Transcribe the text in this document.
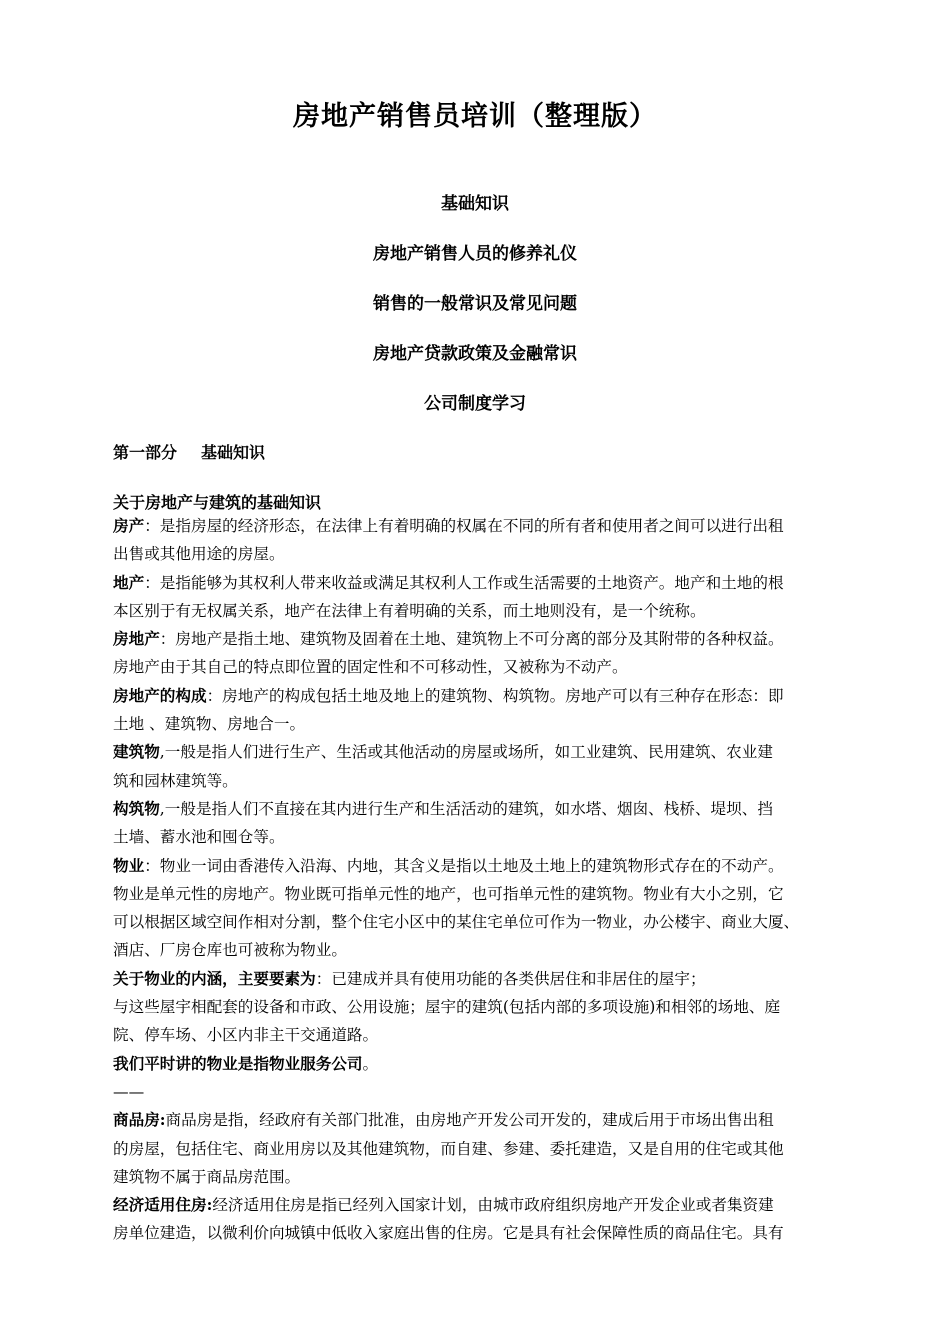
房地产销售员培训（整理版）
基础知识
房地产销售人员的修养礼仪
销售的一般常识及常见问题
房地产贷款政策及金融常识
公司制度学习
第一部分 基础知识
关于房地产与建筑的基础知识

房产：是指房屋的经济形态，在法律上有着明确的权属在不同的所有者和使用者之间可以进行出租

出售或其他用途的房屋。

地产：是指能够为其权利人带来收益或满足其权利人工作或生活需要的土地资产。地产和土地的根

本区别于有无权属关系，地产在法律上有着明确的关系，而土地则没有，是一个统称。

房地产：房地产是指土地、建筑物及固着在土地、建筑物上不可分离的部分及其附带的各种权益。

房地产由于其自己的特点即位置的固定性和不可移动性，又被称为不动产。

房地产的构成：房地产的构成包括土地及地上的建筑物、构筑物。房地产可以有三种存在形态：即

土地 、建筑物、房地合一。

建筑物,一般是指人们进行生产、生活或其他活动的房屋或场所，如工业建筑、民用建筑、农业建

筑和园林建筑等。

构筑物,一般是指人们不直接在其内进行生产和生活活动的建筑，如水塔、烟囱、栈桥、堤坝、挡

土墙、蓄水池和囤仓等。

物业：物业一词由香港传入沿海、内地，其含义是指以土地及土地上的建筑物形式存在的不动产。

物业是单元性的房地产。物业既可指单元性的地产，也可指单元性的建筑物。物业有大小之别，它

可以根据区域空间作相对分割，整个住宅小区中的某住宅单位可作为一物业，办公楼宇、商业大厦、

酒店、厂房仓库也可被称为物业。

关于物业的内涵，主要要素为：已建成并具有使用功能的各类供居住和非居住的屋宇；

与这些屋宇相配套的设备和市政、公用设施；屋宇的建筑(包括内部的多项设施)和相邻的场地、庭

院、停车场、小区内非主干交通道路。

我们平时讲的物业是指物业服务公司。

——

商品房:商品房是指，经政府有关部门批准，由房地产开发公司开发的，建成后用于市场出售出租

的房屋，包括住宅、商业用房以及其他建筑物，而自建、参建、委托建造，又是自用的住宅或其他

建筑物不属于商品房范围。

经济适用住房:经济适用住房是指已经列入国家计划，由城市政府组织房地产开发企业或者集资建

房单位建造，以微利价向城镇中低收入家庭出售的住房。它是具有社会保障性质的商品住宅。具有
